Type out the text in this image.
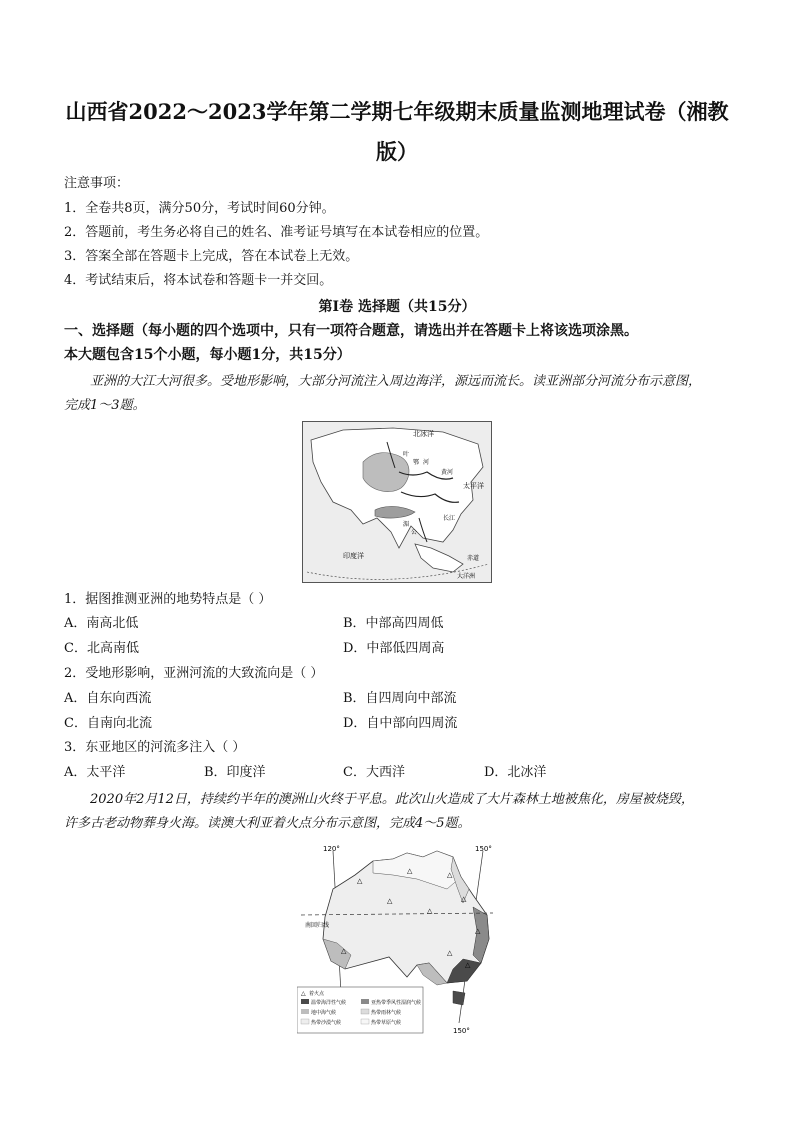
山西省2022～2023学年第二学期七年级期末质量监测地理试卷（湘教
版）
注意事项：
1．全卷共8页，满分50分，考试时间60分钟。
2．答题前，考生务必将自己的姓名、准考证号填写在本试卷相应的位置。
3．答案全部在答题卡上完成，答在本试卷上无效。
4．考试结束后，将本试卷和答题卡一并交回。
第I卷 选择题（共15分）
一、选择题（每小题的四个选项中，只有一项符合题意，请选出并在答题卡上将该选项涂黑。
本大题包含15个小题，每小题1分，共15分）
亚洲的大江大河很多。受地形影响，大部分河流注入周边海洋，源远而流长。读亚洲部分河流分布示意图，
完成1～3题。
北冰洋
太平洋
印度洋
大洋洲
黄河
长江
叶
鄂 河
湄
公
赤道
1．据图推测亚洲的地势特点是（ ）
A．南高北低	B．中部高四周低
C．北高南低	D．中部低四周高
2．受地形影响，亚洲河流的大致流向是（ ）
A．自东向西流	B．自四周向中部流
C．自南向北流	D．自中部向四周流
3．东亚地区的河流多注入（ ）
A．太平洋	B．印度洋	C．大西洋	D．北冰洋
2020年2月12日，持续约半年的澳洲山火终于平息。此次山火造成了大片森林土地被焦化，房屋被烧毁，
许多古老动物葬身火海。读澳大利亚着火点分布示意图，完成4～5题。
120°	150°
150°
南回归线
△
△	△
△
△
△
△
△	△
△
△ 着火点
温带海洋性气候	亚热带季风性湿润气候
地中海气候	热带雨林气候
热带沙漠气候	热带草原气候
